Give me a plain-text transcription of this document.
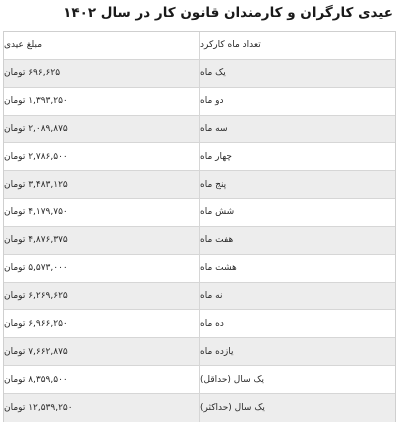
عیدی کارگران و کارمندان قانون کار در سال ۱۴۰۲
تعداد ماه کارکرد
مبلغ عیدی
یک ماه
۶۹۶,۶۲۵ تومان
دو ماه
۱,۳۹۳,۲۵۰ تومان
سه ماه
۲,۰۸۹,۸۷۵ تومان
چهار ماه
۲,۷۸۶,۵۰۰ تومان
پنج ماه
۳,۴۸۳,۱۲۵ تومان
شش ماه
۴,۱۷۹,۷۵۰ تومان
هفت ماه
۴,۸۷۶,۳۷۵ تومان
هشت ماه
۵,۵۷۳,۰۰۰ تومان
نه ماه
۶,۲۶۹,۶۲۵ تومان
ده ماه
۶,۹۶۶,۲۵۰ تومان
یازده ماه
۷,۶۶۲,۸۷۵ تومان
یک سال (حداقل)
۸,۳۵۹,۵۰۰ تومان
یک سال (حداکثر)
۱۲,۵۳۹,۲۵۰ تومان
